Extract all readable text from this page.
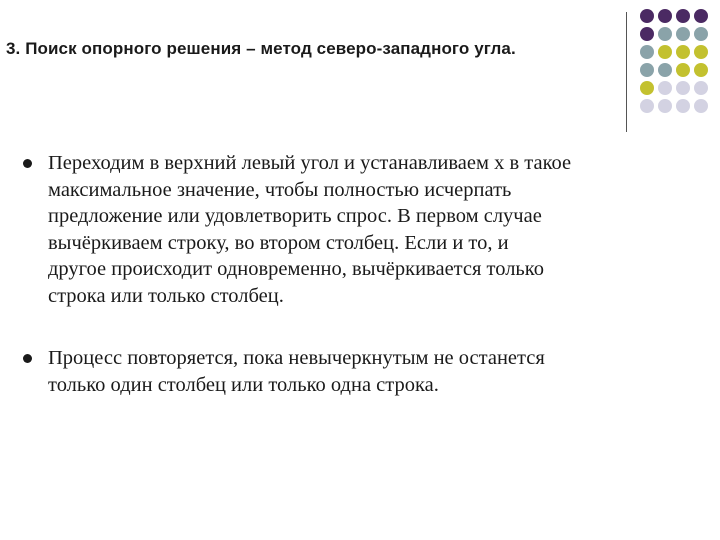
3. Поиск опорного решения – метод северо-западного угла.
Переходим в верхний левый угол и устанавливаем x в такое
максимальное значение, чтобы полностью исчерпать
предложение или удовлетворить спрос. В первом случае
вычёркиваем строку, во втором столбец. Если и то, и
другое происходит одновременно, вычёркивается только
строка или только столбец.
Процесс повторяется, пока невычеркнутым не останется
только один столбец или только одна строка.
